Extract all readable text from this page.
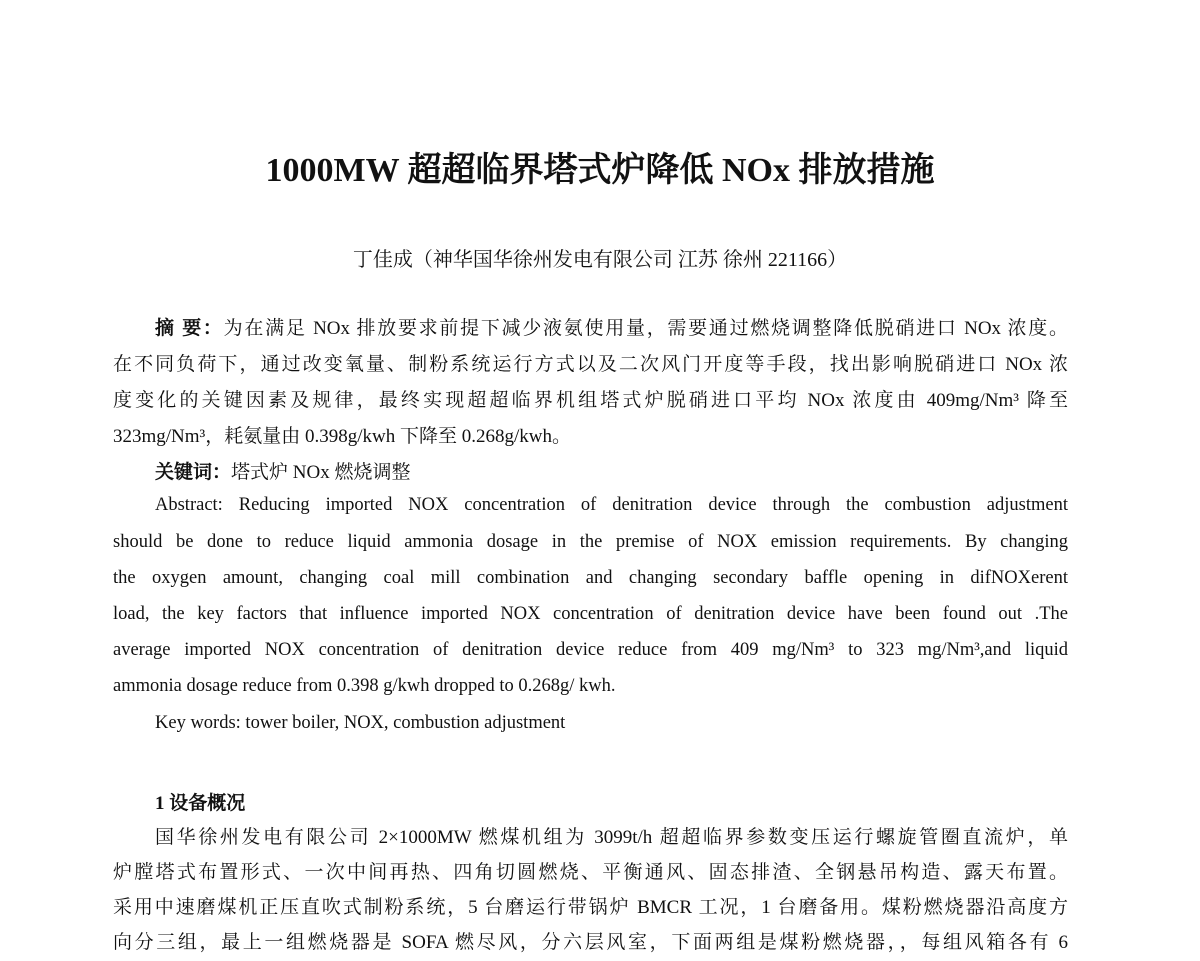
1000MW 超超临界塔式炉降低 NOx 排放措施
丁佳成（神华国华徐州发电有限公司 江苏 徐州 221166）
摘 要：为在满足 NOx 排放要求前提下减少液氨使用量，需要通过燃烧调整降低脱硝进口 NOx 浓度。
在不同负荷下，通过改变氧量、制粉系统运行方式以及二次风门开度等手段，找出影响脱硝进口 NOx 浓
度变化的关键因素及规律，最终实现超超临界机组塔式炉脱硝进口平均 NOx 浓度由 409mg/Nm³ 降至
323mg/Nm³，耗氨量由 0.398g/kwh 下降至 0.268g/kwh。
关键词：塔式炉 NOx 燃烧调整
Abstract: Reducing imported NOX concentration of denitration device through the combustion adjustment
should be done to reduce liquid ammonia dosage in the premise of NOX emission requirements. By changing
the oxygen amount, changing coal mill combination and changing secondary baffle opening in difNOXerent
load, the key factors that influence imported NOX concentration of denitration device have been found out .The
average imported NOX concentration of denitration device reduce from 409 mg/Nm³ to 323 mg/Nm³,and liquid
ammonia dosage reduce from 0.398 g/kwh dropped to 0.268g/ kwh.
Key words: tower boiler, NOX, combustion adjustment
1 设备概况
国华徐州发电有限公司 2×1000MW 燃煤机组为 3099t/h 超超临界参数变压运行螺旋管圈直流炉，单
炉膛塔式布置形式、一次中间再热、四角切圆燃烧、平衡通风、固态排渣、全钢悬吊构造、露天布置。
采用中速磨煤机正压直吹式制粉系统，5 台磨运行带锅炉 BMCR 工况，1 台磨备用。煤粉燃烧器沿高度方
向分三组，最上一组燃烧器是 SOFA 燃尽风，分六层风室，下面两组是煤粉燃烧器，，每组风箱各有 6
